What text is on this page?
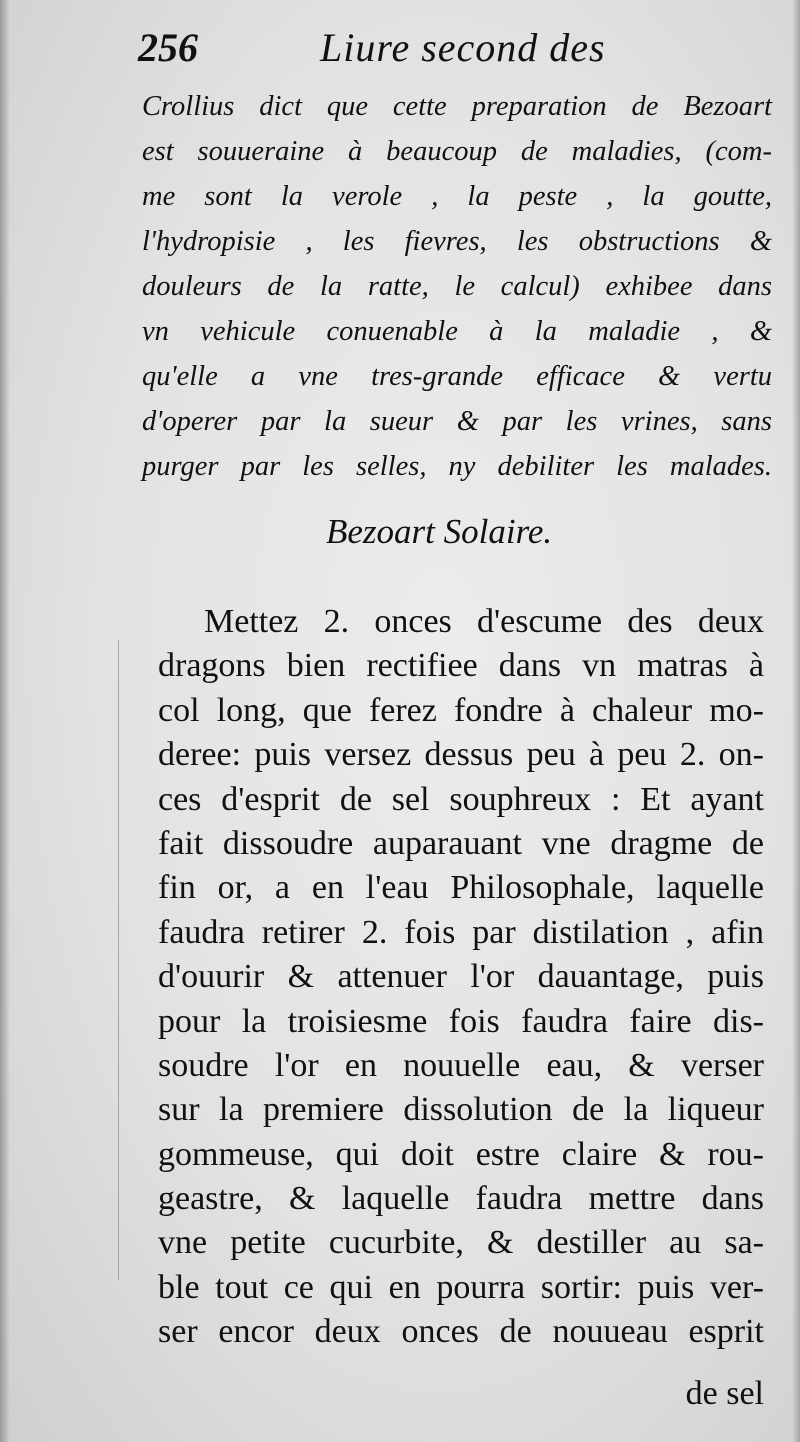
256	Liure second des
Crollius dict que cette preparation de Bezoart
est souueraine à beaucoup de maladies, (com-
me sont la verole , la peste , la goutte,
l'hydropisie , les fievres, les obstructions &
douleurs de la ratte, le calcul) exhibee dans
vn vehicule conuenable à la maladie , &
qu'elle a vne tres-grande efficace & vertu
d'operer par la sueur & par les vrines, sans
purger par les selles, ny debiliter les malades.
Bezoart Solaire.
Mettez 2. onces d'escume des deux
dragons bien rectifiee dans vn matras à
col long, que ferez fondre à chaleur mo-
deree: puis versez dessus peu à peu 2. on-
ces d'esprit de sel souphreux : Et ayant
fait dissoudre auparauant vne dragme de
fin or, a en l'eau Philosophale, laquelle
faudra retirer 2. fois par distilation , afin
d'ouurir & attenuer l'or dauantage, puis
pour la troisiesme fois faudra faire dis-
soudre l'or en nouuelle eau, & verser
sur la premiere dissolution de la liqueur
gommeuse, qui doit estre claire & rou-
geastre, & laquelle faudra mettre dans
vne petite cucurbite, & destiller au sa-
ble tout ce qui en pourra sortir: puis ver-
ser encor deux onces de nouueau esprit
de sel
